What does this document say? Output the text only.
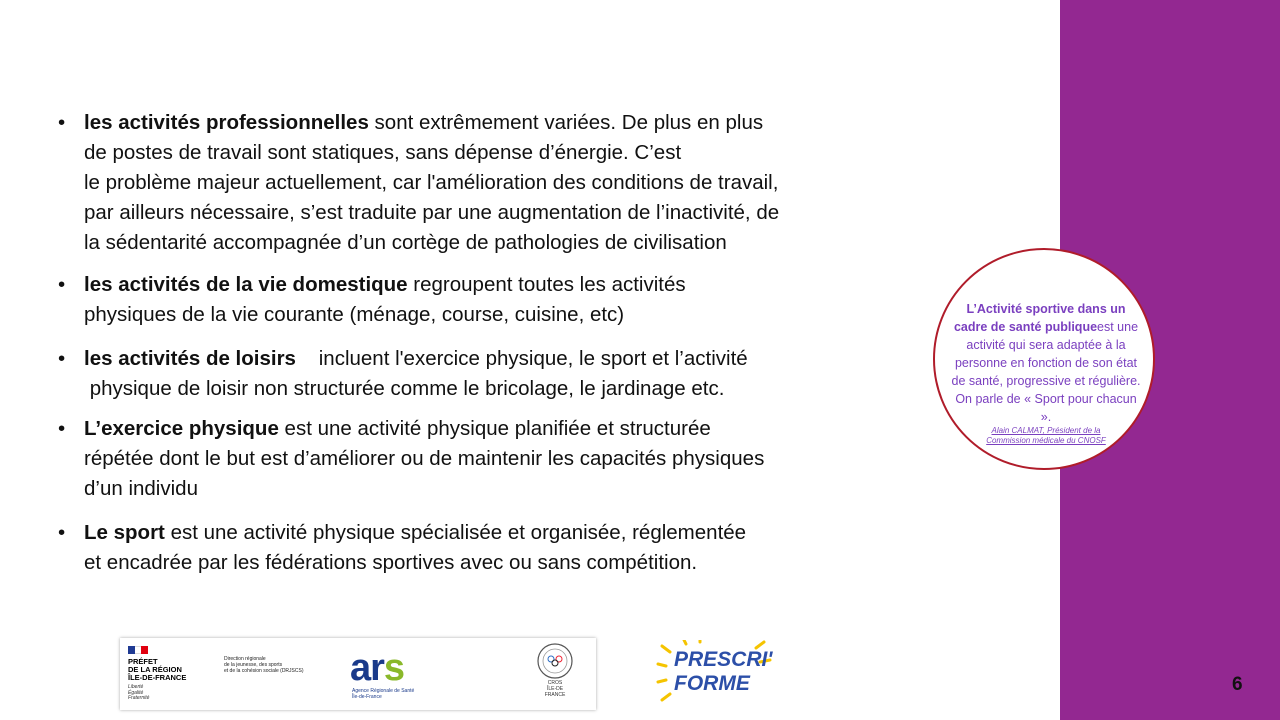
• les activités professionnelles sont extrêmement variées. De plus en plus
de postes de travail sont statiques, sans dépense d’énergie. C’est
le problème majeur actuellement, car l'amélioration des conditions de travail,
par ailleurs nécessaire, s’est traduite par une augmentation de l’inactivité, de
la sédentarité accompagnée d’un cortège de pathologies de civilisation
• les activités de la vie domestique regroupent toutes les activités
physiques de la vie courante (ménage, course, cuisine, etc)
• les activités de loisirs    incluent l'exercice physique, le sport et l’activité
physique de loisir non structurée comme le bricolage, le jardinage etc.
• L’exercice physique est une activité physique planifiée et structurée
répétée dont le but est d’améliorer ou de maintenir les capacités physiques
d’un individu
• Le sport est une activité physique spécialisée et organisée, réglementée
et encadrée par les fédérations sportives avec ou sans compétition.
L’Activité sportive dans un cadre de santé publiqueest une activité qui sera adaptée à la personne en fonction de son état de santé, progressive et régulière. On parle de « Sport pour chacun ».
Alain CALMAT, Président de la Commission médicale du CNOSF
PRÉFET
DE LA RÉGION
ÎLE-DE-FRANCE
Liberté
Égalité
Fraternité
Direction régionale
de la jeunesse, des sports
et de la cohésion sociale (DRJSCS)	ars
Agence Régionale de Santé
Île-de-France
CROS
ÎLE-DE
FRANCE
PRESCRI'
FORME	6
